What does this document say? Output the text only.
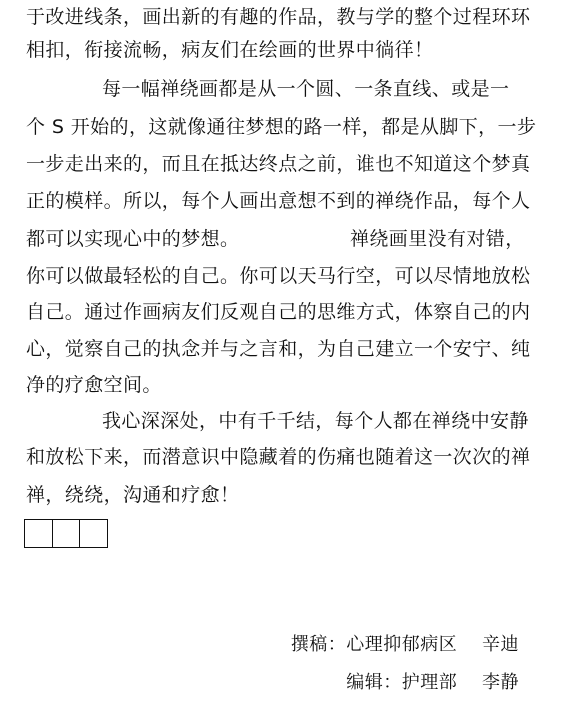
于改进线条，画出新的有趣的作品，教与学的整个过程环环
相扣，衔接流畅，病友们在绘画的世界中徜徉！
每一幅禅绕画都是从一个圆、一条直线、或是一
个 S 开始的，这就像通往梦想的路一样，都是从脚下，一步
一步走出来的，而且在抵达终点之前，谁也不知道这个梦真
正的模样。所以，每个人画出意想不到的禅绕作品，每个人
都可以实现心中的梦想。	禅绕画里没有对错，
你可以做最轻松的自己。你可以天马行空，可以尽情地放松
自己。通过作画病友们反观自己的思维方式，体察自己的内
心，觉察自己的执念并与之言和，为自己建立一个安宁、纯
净的疗愈空间。
我心深深处，中有千千结，每个人都在禅绕中安静
和放松下来，而潜意识中隐藏着的伤痛也随着这一次次的禅
禅，绕绕，沟通和疗愈！
撰稿：心理抑郁病区　 辛迪
编辑：护理部　 李静
